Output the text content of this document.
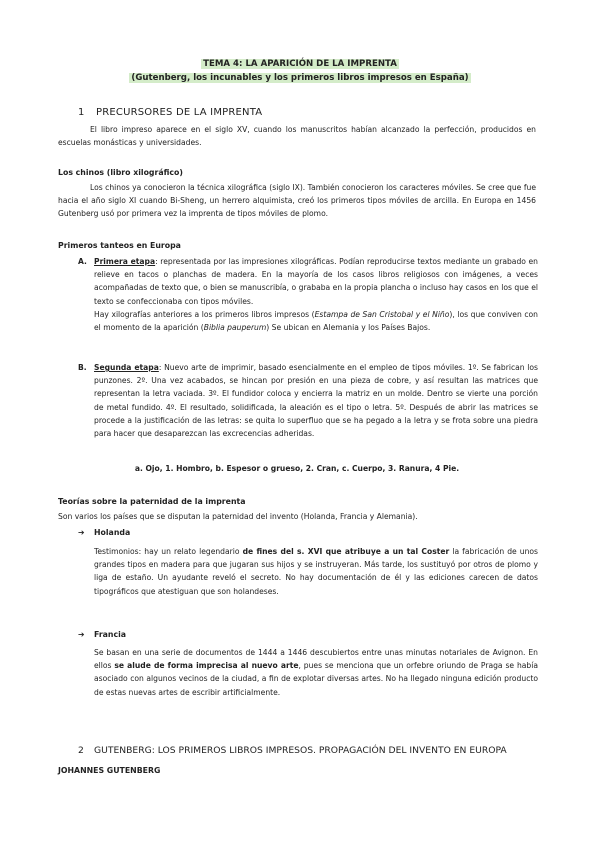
TEMA 4: LA APARICIÓN DE LA IMPRENTA
(Gutenberg, los incunables y los primeros libros impresos en España)
1 PRECURSORES DE LA IMPRENTA
El libro impreso aparece en el siglo XV, cuando los manuscritos habían alcanzado la perfección, producidos en escuelas monásticas y universidades.
Los chinos (libro xilográfico)
Los chinos ya conocieron la técnica xilográfica (siglo IX). También conocieron los caracteres móviles. Se cree que fue hacia el año siglo XI cuando Bi-Sheng, un herrero alquimista, creó los primeros tipos móviles de arcilla. En Europa en 1456 Gutenberg usó por primera vez la imprenta de tipos móviles de plomo.
Primeros tanteos en Europa
A. Primera etapa: representada por las impresiones xilográficas. Podían reproducirse textos mediante un grabado en relieve en tacos o planchas de madera. En la mayoría de los casos libros religiosos con imágenes, a veces acompañadas de texto que, o bien se manuscribía, o grababa en la propia plancha o incluso hay casos en los que el texto se confeccionaba con tipos móviles.
Hay xilografías anteriores a los primeros libros impresos (Estampa de San Cristobal y el Niño), los que conviven con el momento de la aparición (Biblia pauperum) Se ubican en Alemania y los Países Bajos.
B. Segunda etapa: Nuevo arte de imprimir, basado esencialmente en el empleo de tipos móviles. 1º. Se fabrican los punzones. 2º. Una vez acabados, se hincan por presión en una pieza de cobre, y así resultan las matrices que representan la letra vaciada. 3º. El fundidor coloca y encierra la matriz en un molde. Dentro se vierte una porción de metal fundido. 4º. El resultado, solidificada, la aleación es el tipo o letra. 5º. Después de abrir las matrices se procede a la justificación de las letras: se quita lo superfluo que se ha pegado a la letra y se frota sobre una piedra para hacer que desaparezcan las excrecencias adheridas.
a. Ojo, 1. Hombro, b. Espesor o grueso, 2. Cran, c. Cuerpo, 3. Ranura, 4 Pie.
Teorías sobre la paternidad de la imprenta
Son varios los países que se disputan la paternidad del invento (Holanda, Francia y Alemania).
➔ Holanda
Testimonios: hay un relato legendario de fines del s. XVI que atribuye a un tal Coster la fabricación de unos grandes tipos en madera para que jugaran sus hijos y se instruyeran. Más tarde, los sustituyó por otros de plomo y liga de estaño. Un ayudante reveló el secreto. No hay documentación de él y las ediciones carecen de datos tipográficos que atestiguan que son holandeses.
➔ Francia
Se basan en una serie de documentos de 1444 a 1446 descubiertos entre unas minutas notariales de Avignon. En ellos se alude de forma imprecisa al nuevo arte, pues se menciona que un orfebre oriundo de Praga se había asociado con algunos vecinos de la ciudad, a fin de explotar diversas artes. No ha llegado ninguna edición producto de estas nuevas artes de escribir artificialmente.
2 GUTENBERG: LOS PRIMEROS LIBROS IMPRESOS. PROPAGACIÓN DEL INVENTO EN EUROPA
JOHANNES GUTENBERG
